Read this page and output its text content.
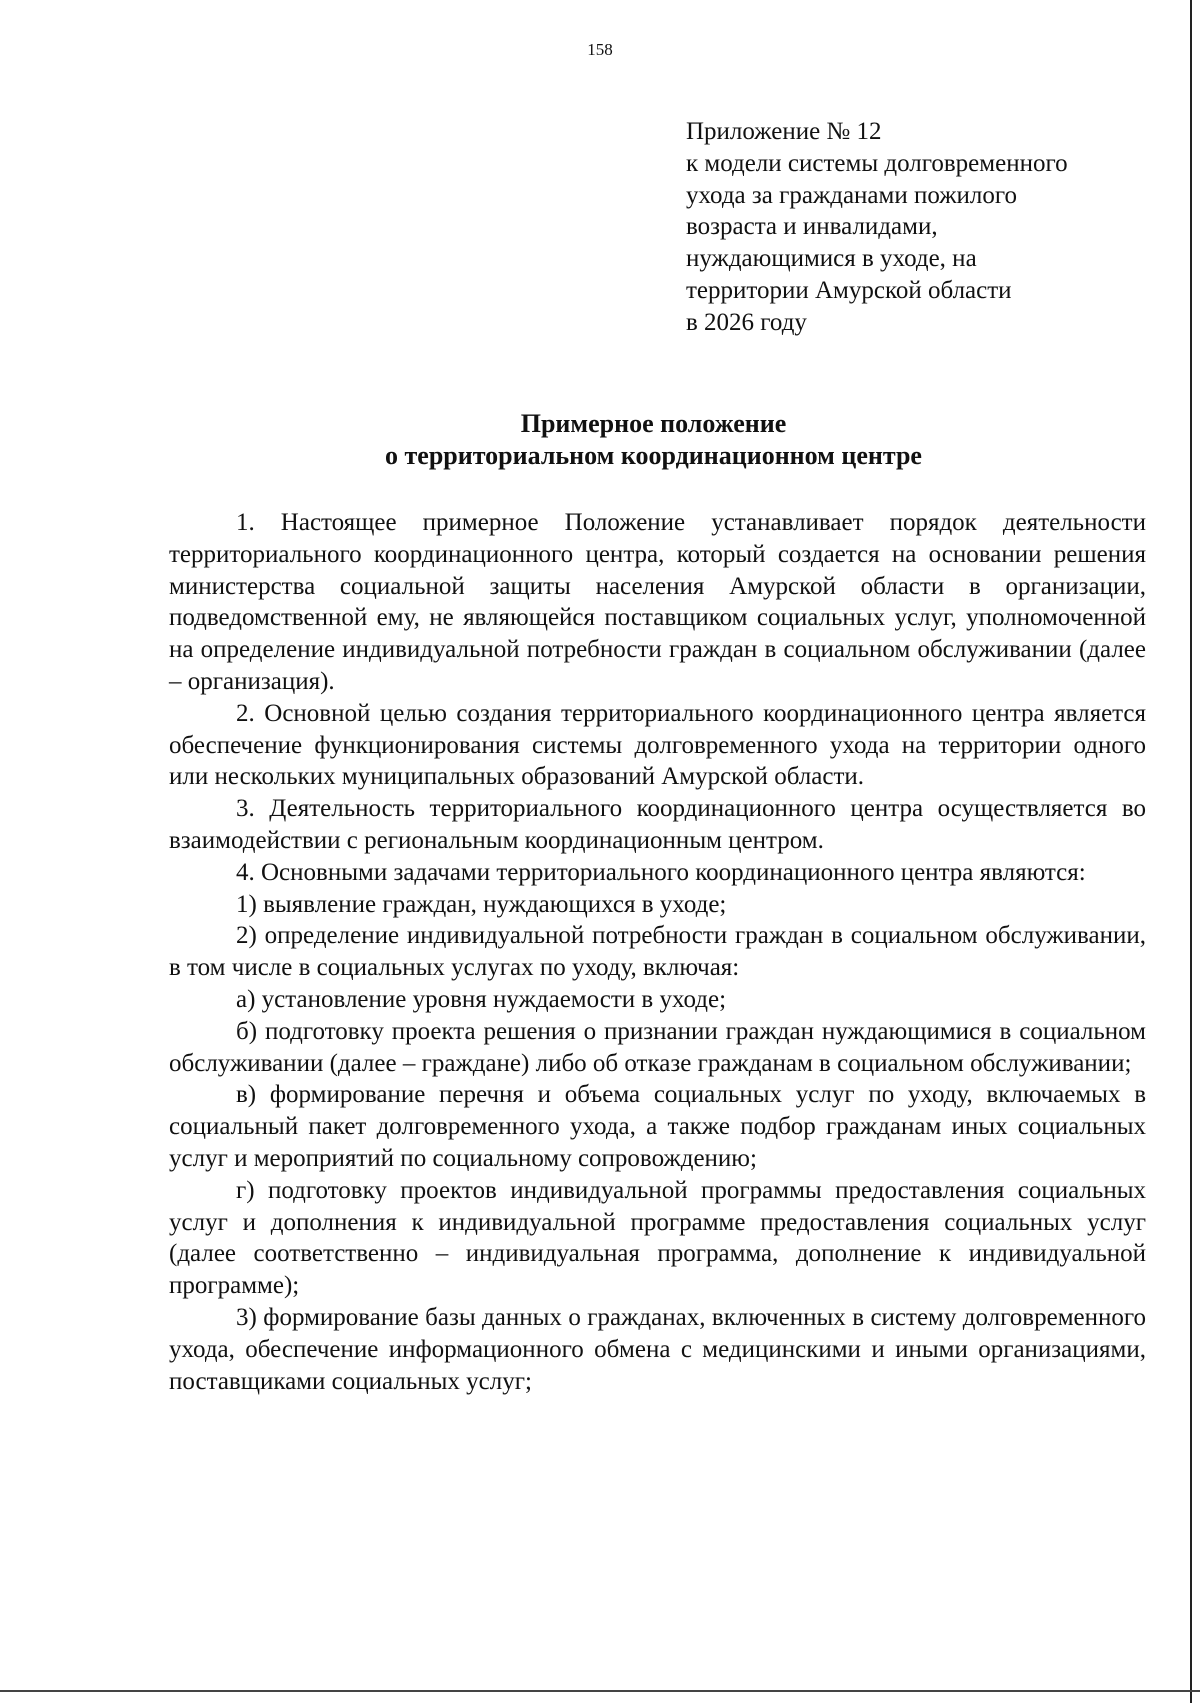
158
Приложение № 12
к модели системы долговременного
ухода за гражданами пожилого
возраста и инвалидами,
нуждающимися в уходе, на
территории Амурской области
в 2026 году
Примерное положение
о территориальном координационном центре

1. Настоящее примерное Положение устанавливает порядок деятельности территориального координационного центра, который создается на основании решения министерства социальной защиты населения Амурской области в организации, подведомственной ему, не являющейся поставщиком социальных услуг, уполномоченной на определение индивидуальной потребности граждан в социальном обслуживании (далее – организация).

2. Основной целью создания территориального координационного центра является обеспечение функционирования системы долговременного ухода на территории одного или нескольких муниципальных образований Амурской области.

3. Деятельность территориального координационного центра осуществляется во взаимодействии с региональным координационным центром.

4. Основными задачами территориального координационного центра являются:

1) выявление граждан, нуждающихся в уходе;

2) определение индивидуальной потребности граждан в социальном обслуживании, в том числе в социальных услугах по уходу, включая:

а) установление уровня нуждаемости в уходе;

б) подготовку проекта решения о признании граждан нуждающимися в социальном обслуживании (далее – граждане) либо об отказе гражданам в социальном обслуживании;

в) формирование перечня и объема социальных услуг по уходу, включаемых в социальный пакет долговременного ухода, а также подбор гражданам иных социальных услуг и мероприятий по социальному сопровождению;

г) подготовку проектов индивидуальной программы предоставления социальных услуг и дополнения к индивидуальной программе предоставления социальных услуг (далее соответственно – индивидуальная программа, дополнение к индивидуальной программе);

3) формирование базы данных о гражданах, включенных в систему долговременного ухода, обеспечение информационного обмена с медицинскими и иными организациями, поставщиками социальных услуг;
